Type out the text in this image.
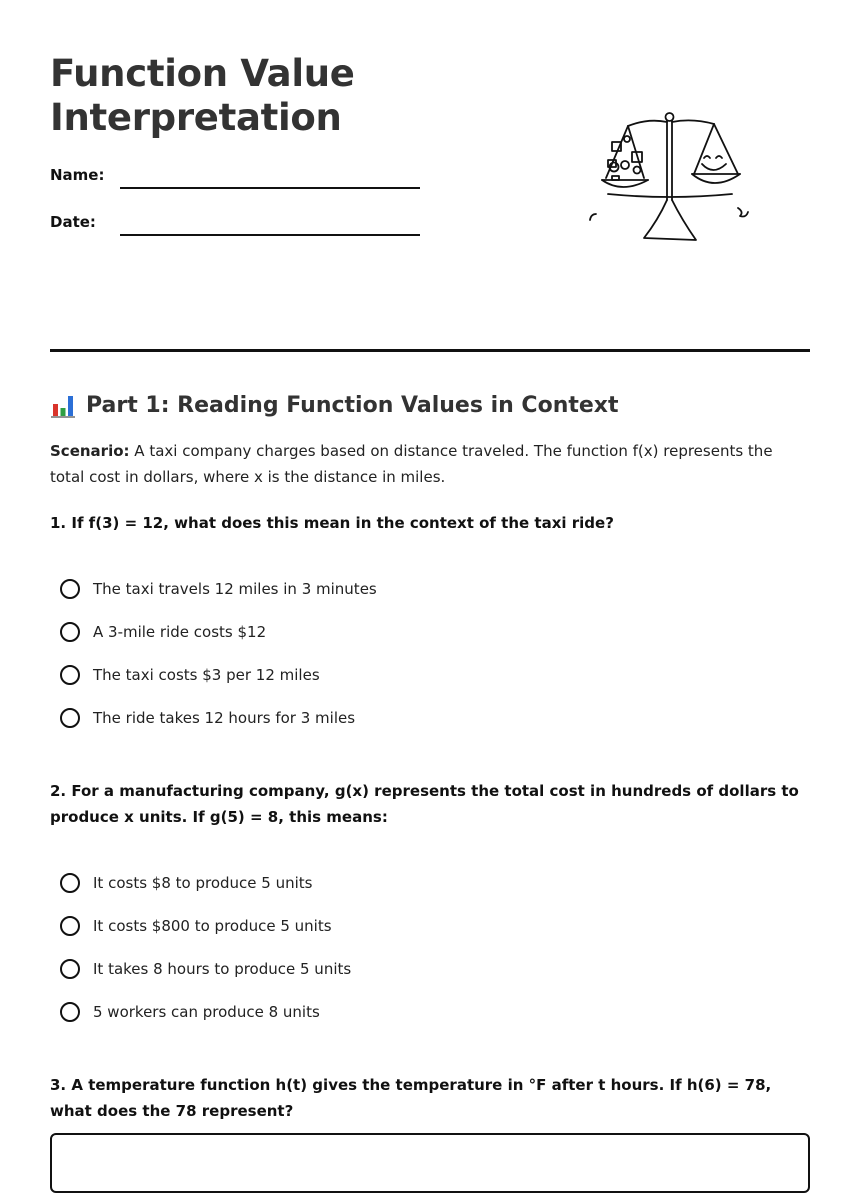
Function Value Interpretation
Name:
Date:
Part 1: Reading Function Values in Context
Scenario: A taxi company charges based on distance traveled. The function f(x) represents the total cost in dollars, where x is the distance in miles.
1. If f(3) = 12, what does this mean in the context of the taxi ride?
The taxi travels 12 miles in 3 minutes
A 3-mile ride costs $12
The taxi costs $3 per 12 miles
The ride takes 12 hours for 3 miles
2. For a manufacturing company, g(x) represents the total cost in hundreds of dollars to produce x units. If g(5) = 8, this means:
It costs $8 to produce 5 units
It costs $800 to produce 5 units
It takes 8 hours to produce 5 units
5 workers can produce 8 units
3. A temperature function h(t) gives the temperature in °F after t hours. If h(6) = 78, what does the 78 represent?
